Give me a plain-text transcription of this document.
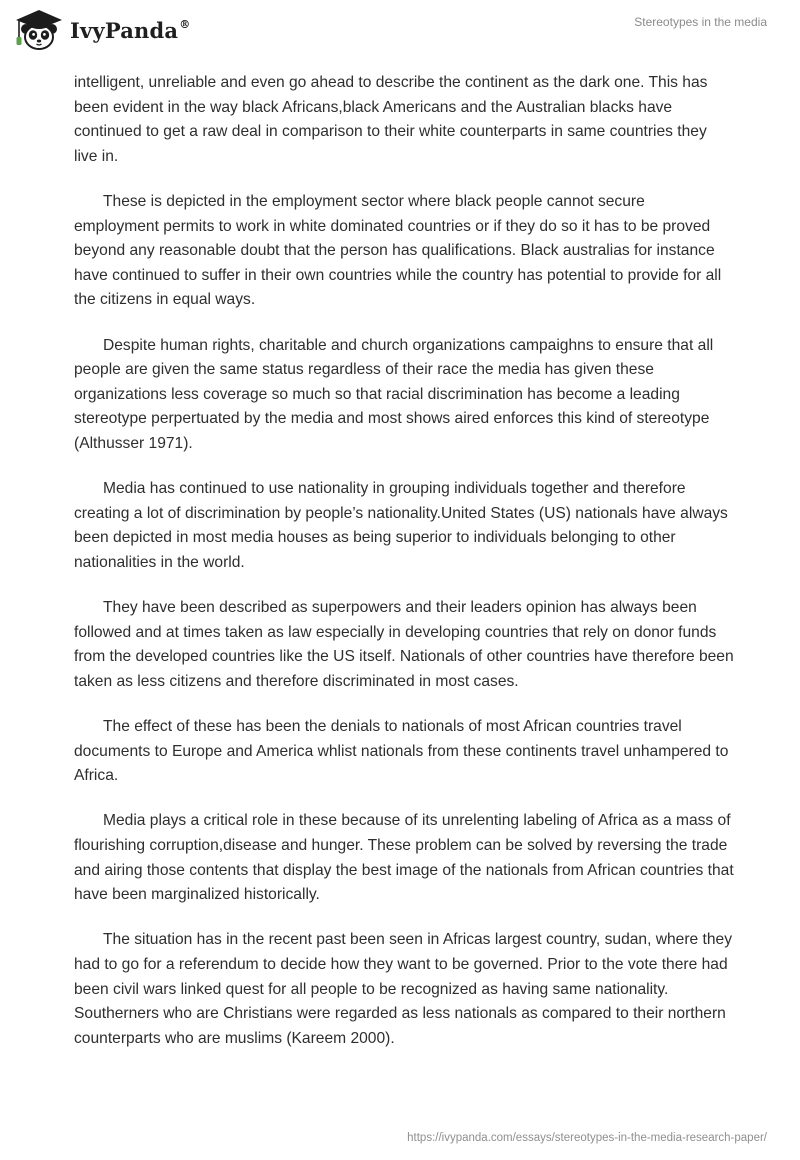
IvyPanda®	Stereotypes in the media

intelligent, unreliable and even go ahead to describe the continent as the dark one. This has been evident in the way black Africans,black Americans and the Australian blacks have continued to get a raw deal in comparison to their white counterparts in same countries they live in.

These is depicted in the employment sector where black people cannot secure employment permits to work in white dominated countries or if they do so it has to be proved beyond any reasonable doubt that the person has qualifications. Black australias for instance have continued to suffer in their own countries while the country has potential to provide for all the citizens in equal ways.

Despite human rights, charitable and church organizations campaighns to ensure that all people are given the same status regardless of their race the media has given these organizations less coverage so much so that racial discrimination has become a leading stereotype perpertuated by the media and most shows aired enforces this kind of stereotype (Althusser 1971).

Media has continued to use nationality in grouping individuals together and therefore creating a lot of discrimination by people’s nationality.United States (US) nationals have always been depicted in most media houses as being superior to individuals belonging to other nationalities in the world.

They have been described as superpowers and their leaders opinion has always been followed and at times taken as law especially in developing countries that rely on donor funds from the developed countries like the US itself. Nationals of other countries have therefore been taken as less citizens and therefore discriminated in most cases.

The effect of these has been the denials to nationals of most African countries travel documents to Europe and America whlist nationals from these continents travel unhampered to Africa.

Media plays a critical role in these because of its unrelenting labeling of Africa as a mass of flourishing corruption,disease and hunger. These problem can be solved by reversing the trade and airing those contents that display the best image of the nationals from African countries that have been marginalized historically.

The situation has in the recent past been seen in Africas largest country, sudan, where they had to go for a referendum to decide how they want to be governed. Prior to the vote there had been civil wars linked quest for all people to be recognized as having same nationality. Southerners who are Christians were regarded as less nationals as compared to their northern counterparts who are muslims (Kareem 2000).

https://ivypanda.com/essays/stereotypes-in-the-media-research-paper/
